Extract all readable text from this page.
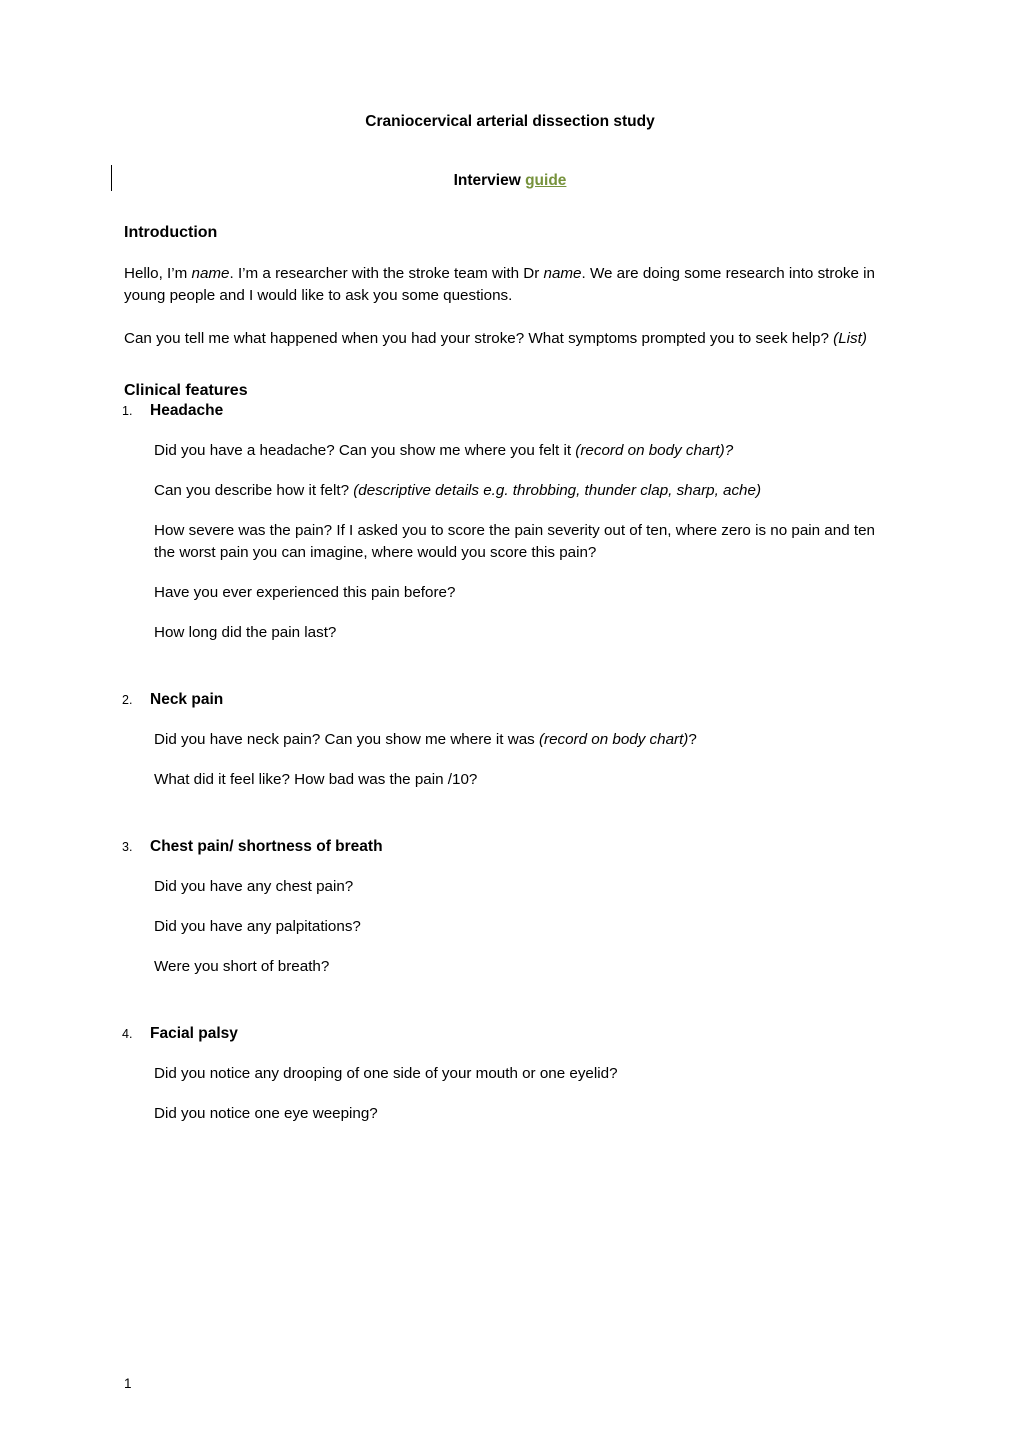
Craniocervical arterial dissection study
Interview guide
Introduction

Hello, I’m name. I’m a researcher with the stroke team with Dr name. We are doing some research into stroke in young people and I would like to ask you some questions.

Can you tell me what happened when you had your stroke? What symptoms prompted you to seek help? (List)

Clinical features

1. Headache

Did you have a headache? Can you show me where you felt it (record on body chart)?

Can you describe how it felt? (descriptive details e.g. throbbing, thunder clap, sharp, ache)

How severe was the pain? If I asked you to score the pain severity out of ten, where zero is no pain and ten the worst pain you can imagine, where would you score this pain?

Have you ever experienced this pain before?

How long did the pain last?

2. Neck pain

Did you have neck pain? Can you show me where it was (record on body chart)?

What did it feel like? How bad was the pain /10?

3. Chest pain/ shortness of breath

Did you have any chest pain?

Did you have any palpitations?

Were you short of breath?

4. Facial palsy

Did you notice any drooping of one side of your mouth or one eyelid?

Did you notice one eye weeping?

1
